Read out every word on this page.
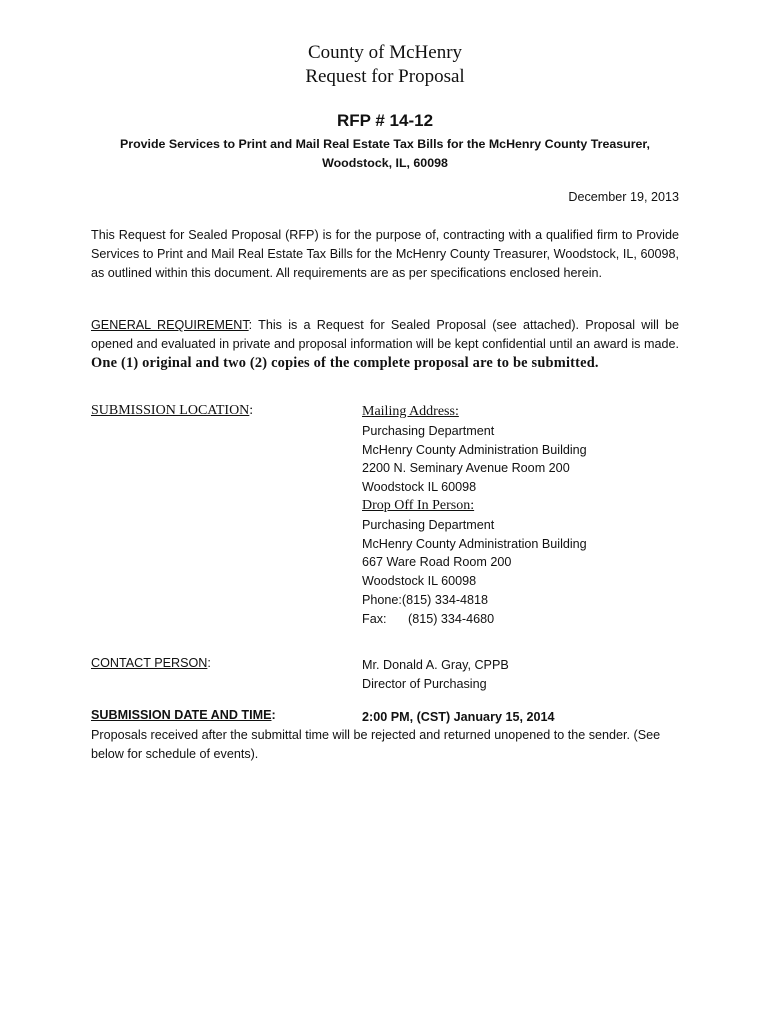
County of McHenry
Request for Proposal
RFP # 14-12
Provide Services to Print and Mail Real Estate Tax Bills for the McHenry County Treasurer,
Woodstock, IL, 60098
December 19, 2013
This Request for Sealed Proposal (RFP) is for the purpose of, contracting with a qualified firm to Provide Services to Print and Mail Real Estate Tax Bills for the McHenry County Treasurer, Woodstock, IL, 60098, as outlined within this document. All requirements are as per specifications enclosed herein.
GENERAL REQUIREMENT: This is a Request for Sealed Proposal (see attached). Proposal will be opened and evaluated in private and proposal information will be kept confidential until an award is made. One (1) original and two (2) copies of the complete proposal are to be submitted.
SUBMISSION LOCATION:	Mailing Address:
Purchasing Department
McHenry County Administration Building
2200 N. Seminary Avenue Room 200
Woodstock IL 60098
Drop Off In Person:
Purchasing Department
McHenry County Administration Building
667 Ware Road Room 200
Woodstock IL 60098
Phone:(815) 334-4818
Fax: (815) 334-4680
CONTACT PERSON:	Mr. Donald A. Gray, CPPB
Director of Purchasing
SUBMISSION DATE AND TIME:	2:00 PM, (CST) January 15, 2014
Proposals received after the submittal time will be rejected and returned unopened to the sender. (See below for schedule of events).
